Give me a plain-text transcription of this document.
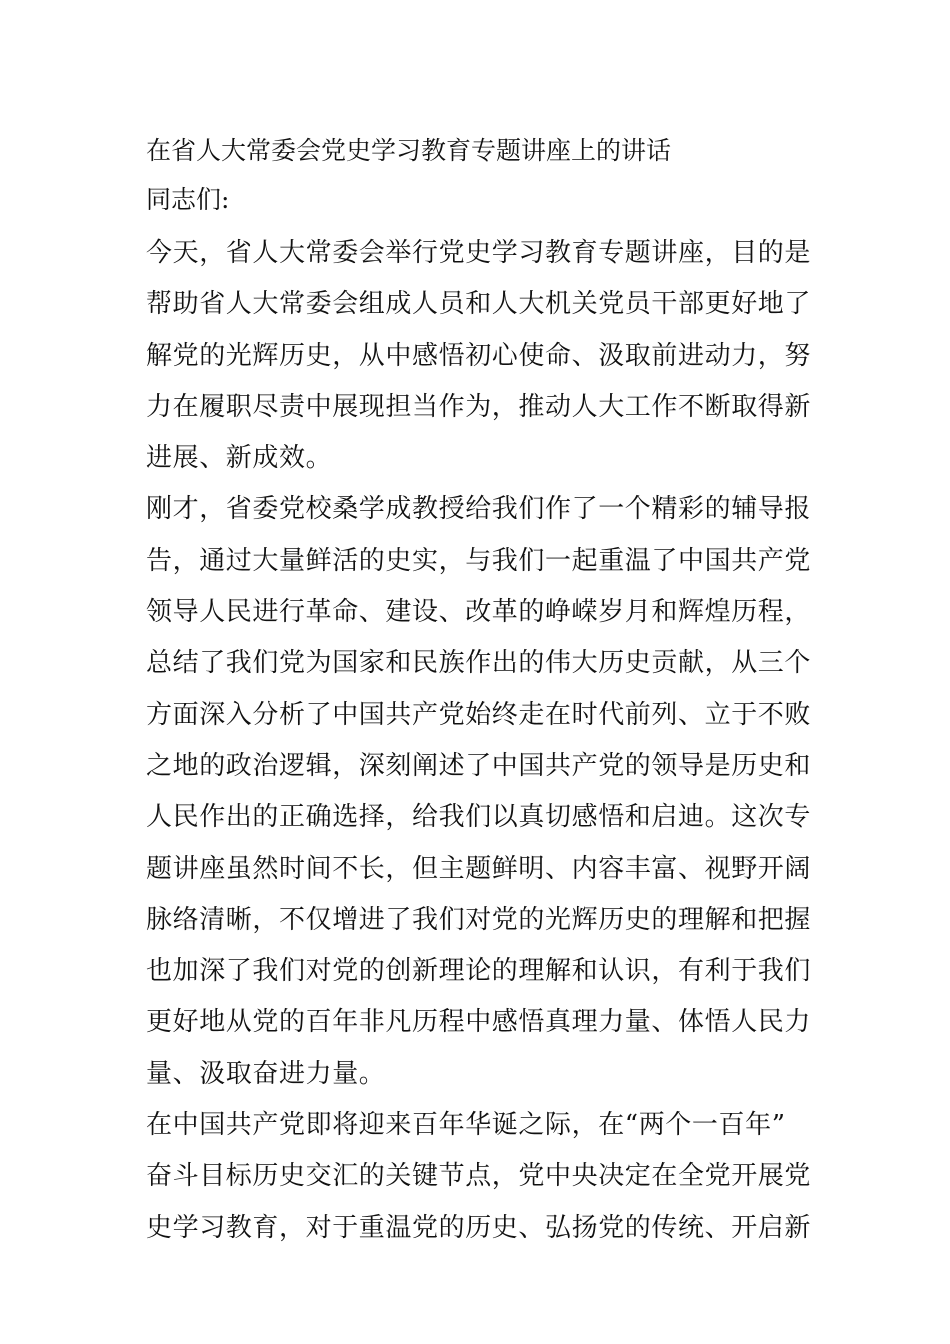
在省人大常委会党史学习教育专题讲座上的讲话
同志们:
今天，省人大常委会举行党史学习教育专题讲座，目的是
帮助省人大常委会组成人员和人大机关党员干部更好地了
解党的光辉历史，从中感悟初心使命、汲取前进动力，努
力在履职尽责中展现担当作为，推动人大工作不断取得新
进展、新成效。
刚才，省委党校桑学成教授给我们作了一个精彩的辅导报
告，通过大量鲜活的史实，与我们一起重温了中国共产党
领导人民进行革命、建设、改革的峥嵘岁月和辉煌历程，
总结了我们党为国家和民族作出的伟大历史贡献，从三个
方面深入分析了中国共产党始终走在时代前列、立于不败
之地的政治逻辑，深刻阐述了中国共产党的领导是历史和
人民作出的正确选择，给我们以真切感悟和启迪。这次专
题讲座虽然时间不长，但主题鲜明、内容丰富、视野开阔
脉络清晰，不仅增进了我们对党的光辉历史的理解和把握
也加深了我们对党的创新理论的理解和认识，有利于我们
更好地从党的百年非凡历程中感悟真理力量、体悟人民力
量、汲取奋进力量。
在中国共产党即将迎来百年华诞之际，在“两个一百年”
奋斗目标历史交汇的关键节点，党中央决定在全党开展党
史学习教育，对于重温党的历史、弘扬党的传统、开启新
